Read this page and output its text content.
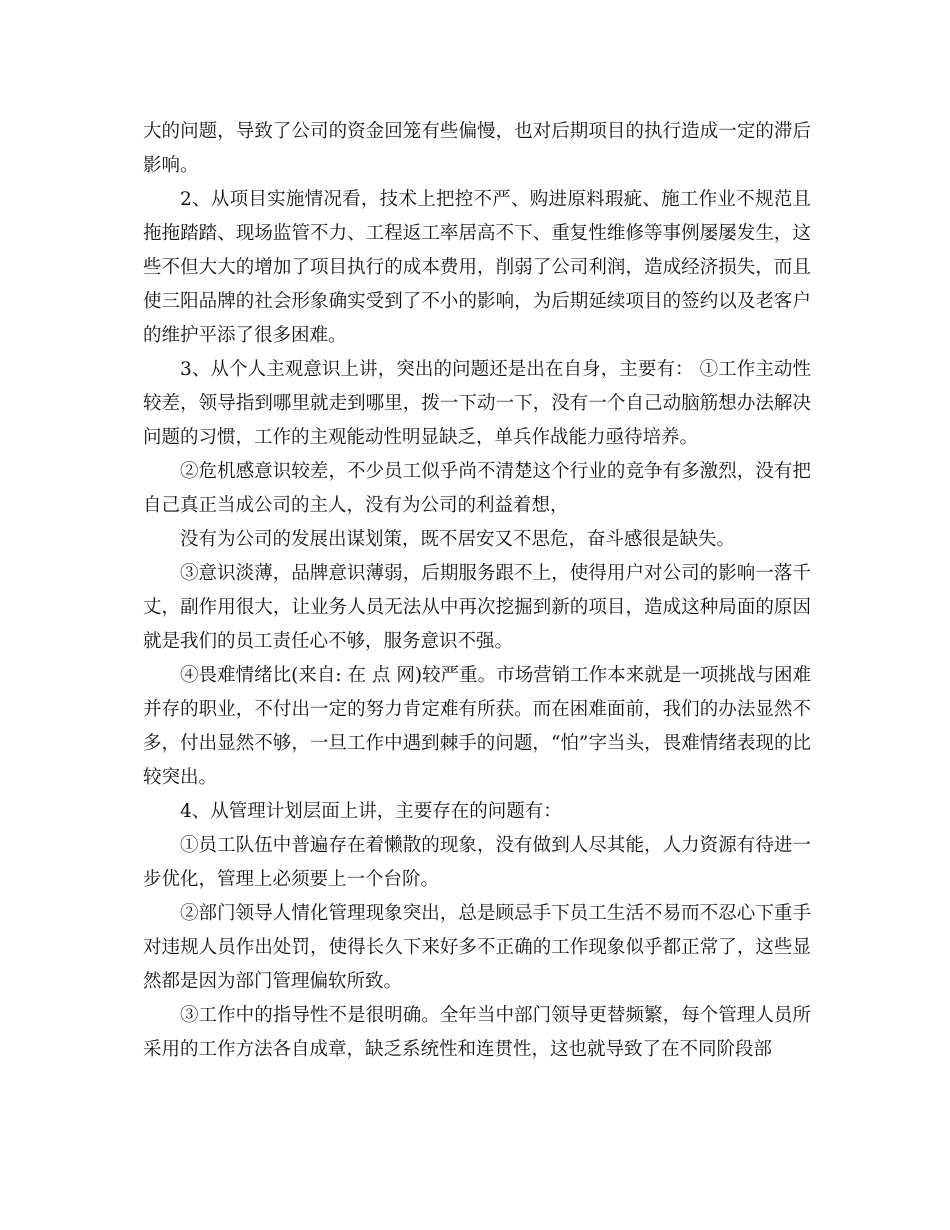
大的问题，导致了公司的资金回笼有些偏慢，也对后期项目的执行造成一定的滞后影响。

2、从项目实施情况看，技术上把控不严、购进原料瑕疵、施工作业不规范且拖拖踏踏、现场监管不力、工程返工率居高不下、重复性维修等事例屡屡发生，这些不但大大的增加了项目执行的成本费用，削弱了公司利润，造成经济损失，而且使三阳品牌的社会形象确实受到了不小的影响，为后期延续项目的签约以及老客户的维护平添了很多困难。

3、从个人主观意识上讲，突出的问题还是出在自身，主要有： ①工作主动性较差，领导指到哪里就走到哪里，拨一下动一下，没有一个自己动脑筋想办法解决问题的习惯，工作的主观能动性明显缺乏，单兵作战能力亟待培养。

②危机感意识较差，不少员工似乎尚不清楚这个行业的竞争有多激烈，没有把自己真正当成公司的主人，没有为公司的利益着想，

没有为公司的发展出谋划策，既不居安又不思危，奋斗感很是缺失。

③意识淡薄，品牌意识薄弱，后期服务跟不上，使得用户对公司的影响一落千丈，副作用很大，让业务人员无法从中再次挖掘到新的项目，造成这种局面的原因就是我们的员工责任心不够，服务意识不强。

④畏难情绪比(来自: 在 点 网)较严重。市场营销工作本来就是一项挑战与困难并存的职业，不付出一定的努力肯定难有所获。而在困难面前，我们的办法显然不多，付出显然不够，一旦工作中遇到棘手的问题，“怕”字当头，畏难情绪表现的比较突出。

4、从管理计划层面上讲，主要存在的问题有：

①员工队伍中普遍存在着懒散的现象，没有做到人尽其能，人力资源有待进一步优化，管理上必须要上一个台阶。

②部门领导人情化管理现象突出，总是顾忌手下员工生活不易而不忍心下重手对违规人员作出处罚，使得长久下来好多不正确的工作现象似乎都正常了，这些显然都是因为部门管理偏软所致。

③工作中的指导性不是很明确。全年当中部门领导更替频繁，每个管理人员所采用的工作方法各自成章，缺乏系统性和连贯性，这也就导致了在不同阶段部
